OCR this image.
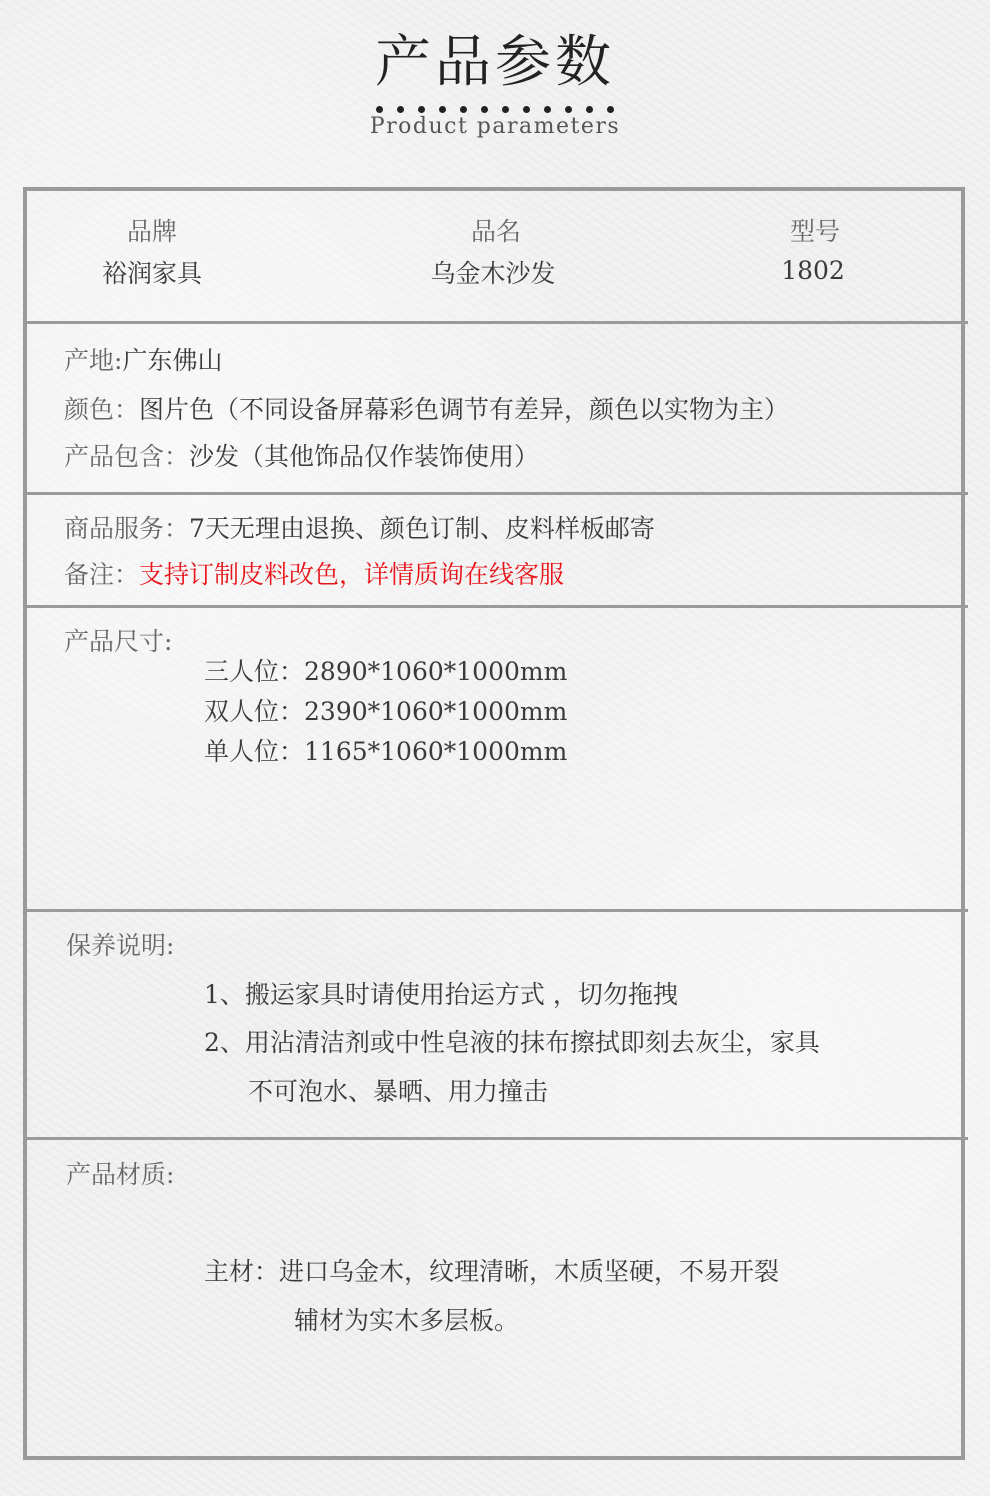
产品参数
Product parameters
品牌
裕润家具
品名
乌金木沙发
型号
1802
产地:广东佛山
颜色：图片色（不同设备屏幕彩色调节有差异，颜色以实物为主）
产品包含：沙发（其他饰品仅作装饰使用）
商品服务：7天无理由退换、颜色订制、皮料样板邮寄
备注：支持订制皮料改色，详情质询在线客服
产品尺寸:
三人位：2890*1060*1000mm
双人位：2390*1060*1000mm
单人位：1165*1060*1000mm
保养说明:
1、搬运家具时请使用抬运方式 ，切勿拖拽
2、用沾清洁剂或中性皂液的抹布擦拭即刻去灰尘，家具
不可泡水、暴晒、用力撞击
产品材质:
主材：进口乌金木，纹理清晰，木质坚硬，不易开裂
辅材为实木多层板。
